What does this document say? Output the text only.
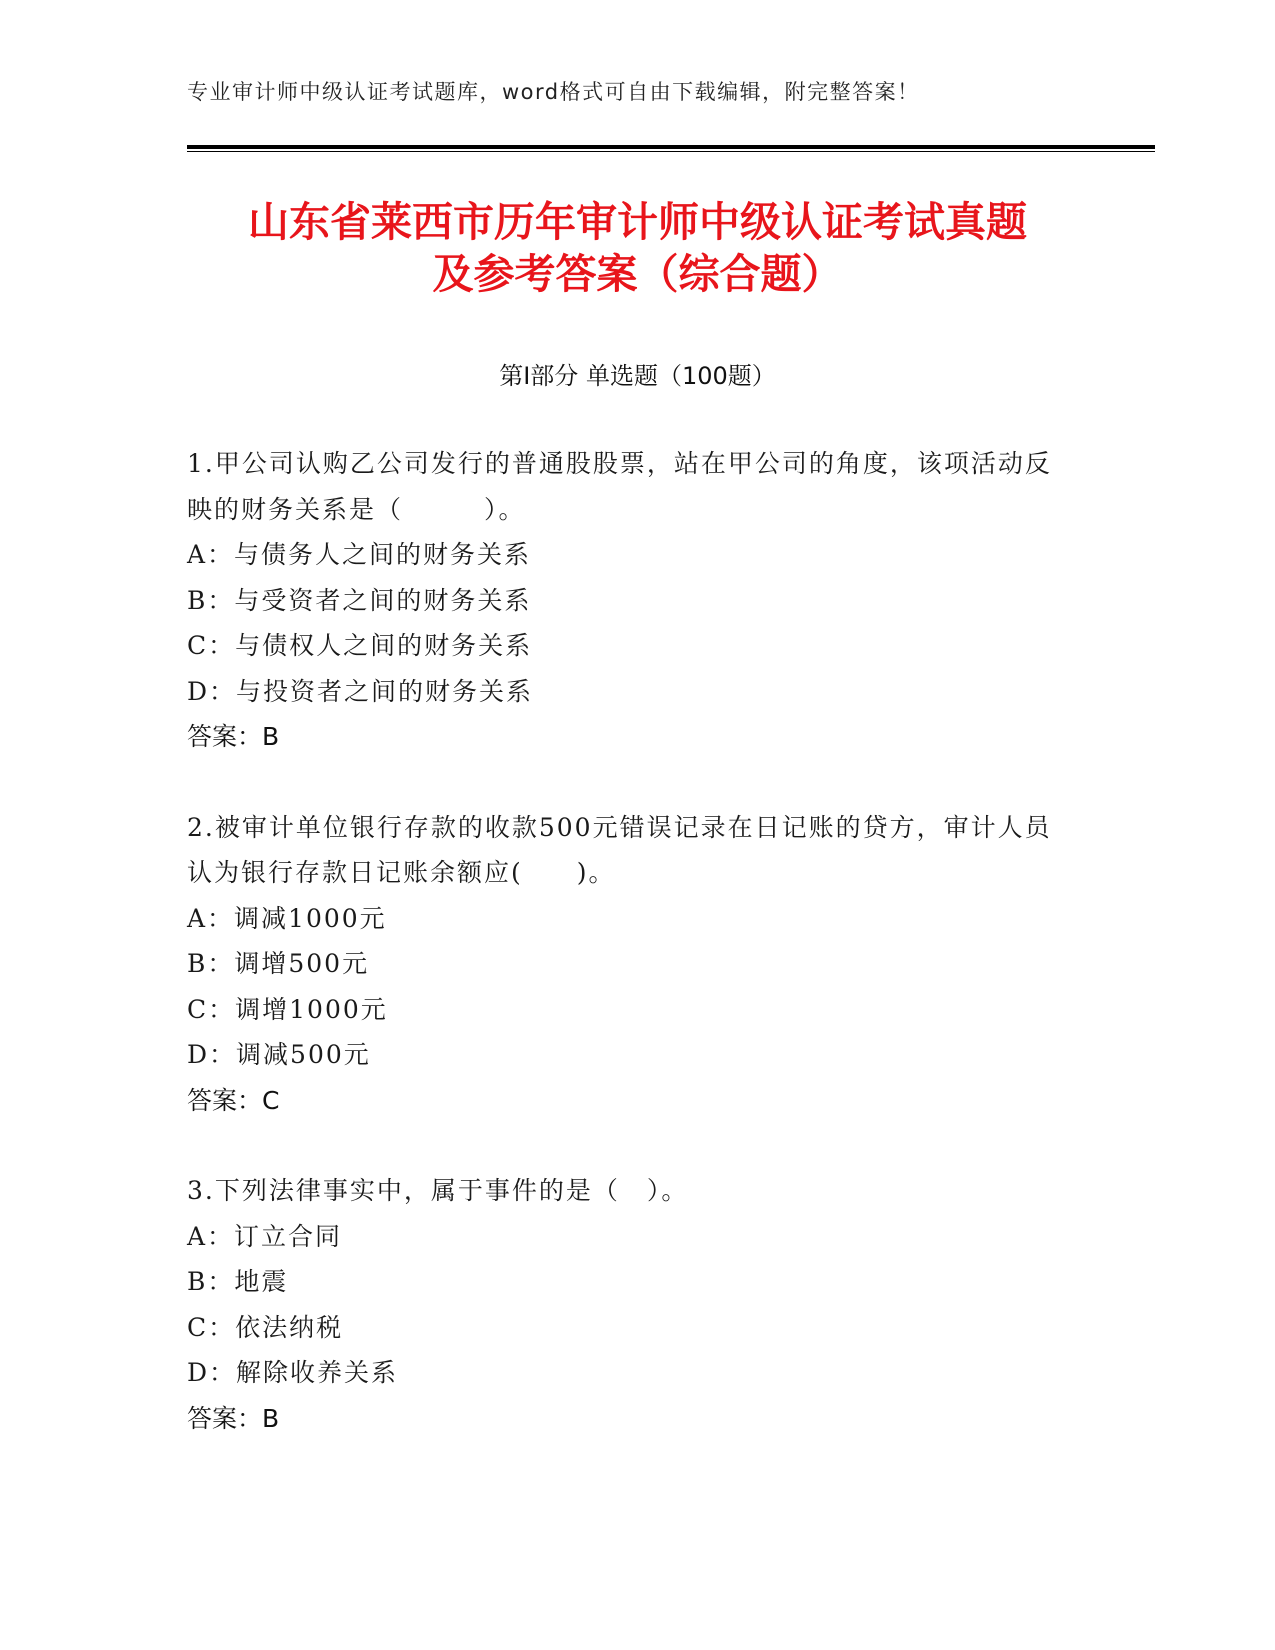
专业审计师中级认证考试题库，word格式可自由下载编辑，附完整答案！
山东省莱西市历年审计师中级认证考试真题
及参考答案（综合题）
第I部分 单选题（100题）
1.甲公司认购乙公司发行的普通股股票，站在甲公司的角度，该项活动反映的财务关系是（　　　）。
A：与债务人之间的财务关系
B：与受资者之间的财务关系
C：与债权人之间的财务关系
D：与投资者之间的财务关系
答案：B
2.被审计单位银行存款的收款500元错误记录在日记账的贷方，审计人员认为银行存款日记账余额应(　　)。
A：调减1000元
B：调增500元
C：调增1000元
D：调减500元
答案：C
3.下列法律事实中，属于事件的是（　）。
A：订立合同
B：地震
C：依法纳税
D：解除收养关系
答案：B
